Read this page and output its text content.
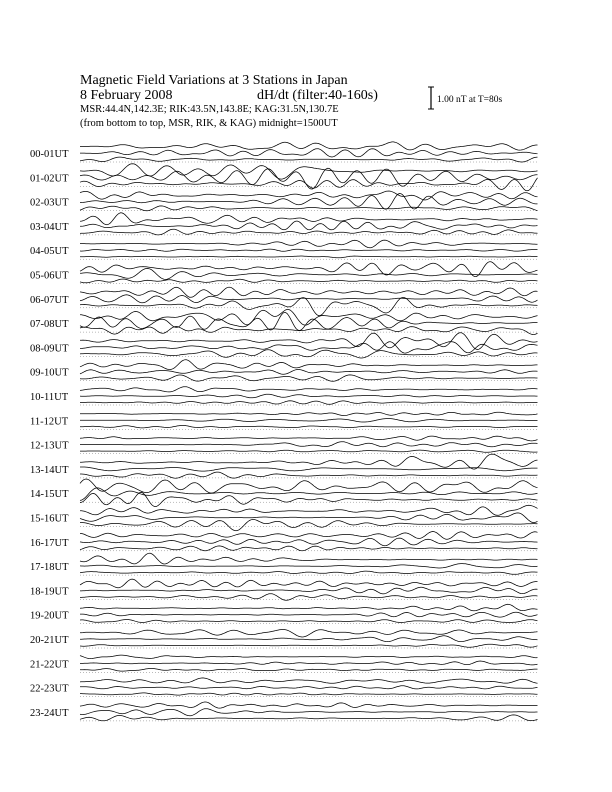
Magnetic Field Variations at 3 Stations in Japan
8 February 2008	dH/dt (filter:40-160s)
MSR:44.4N,142.3E; RIK:43.5N,143.8E; KAG:31.5N,130.7E
(from bottom to top, MSR, RIK, & KAG) midnight=1500UT
1.00 nT at T=80s
00-01UT
01-02UT
02-03UT
03-04UT
04-05UT
05-06UT
06-07UT
07-08UT
08-09UT
09-10UT
10-11UT
11-12UT
12-13UT
13-14UT
14-15UT
15-16UT
16-17UT
17-18UT
18-19UT
19-20UT
20-21UT
21-22UT
22-23UT
23-24UT
